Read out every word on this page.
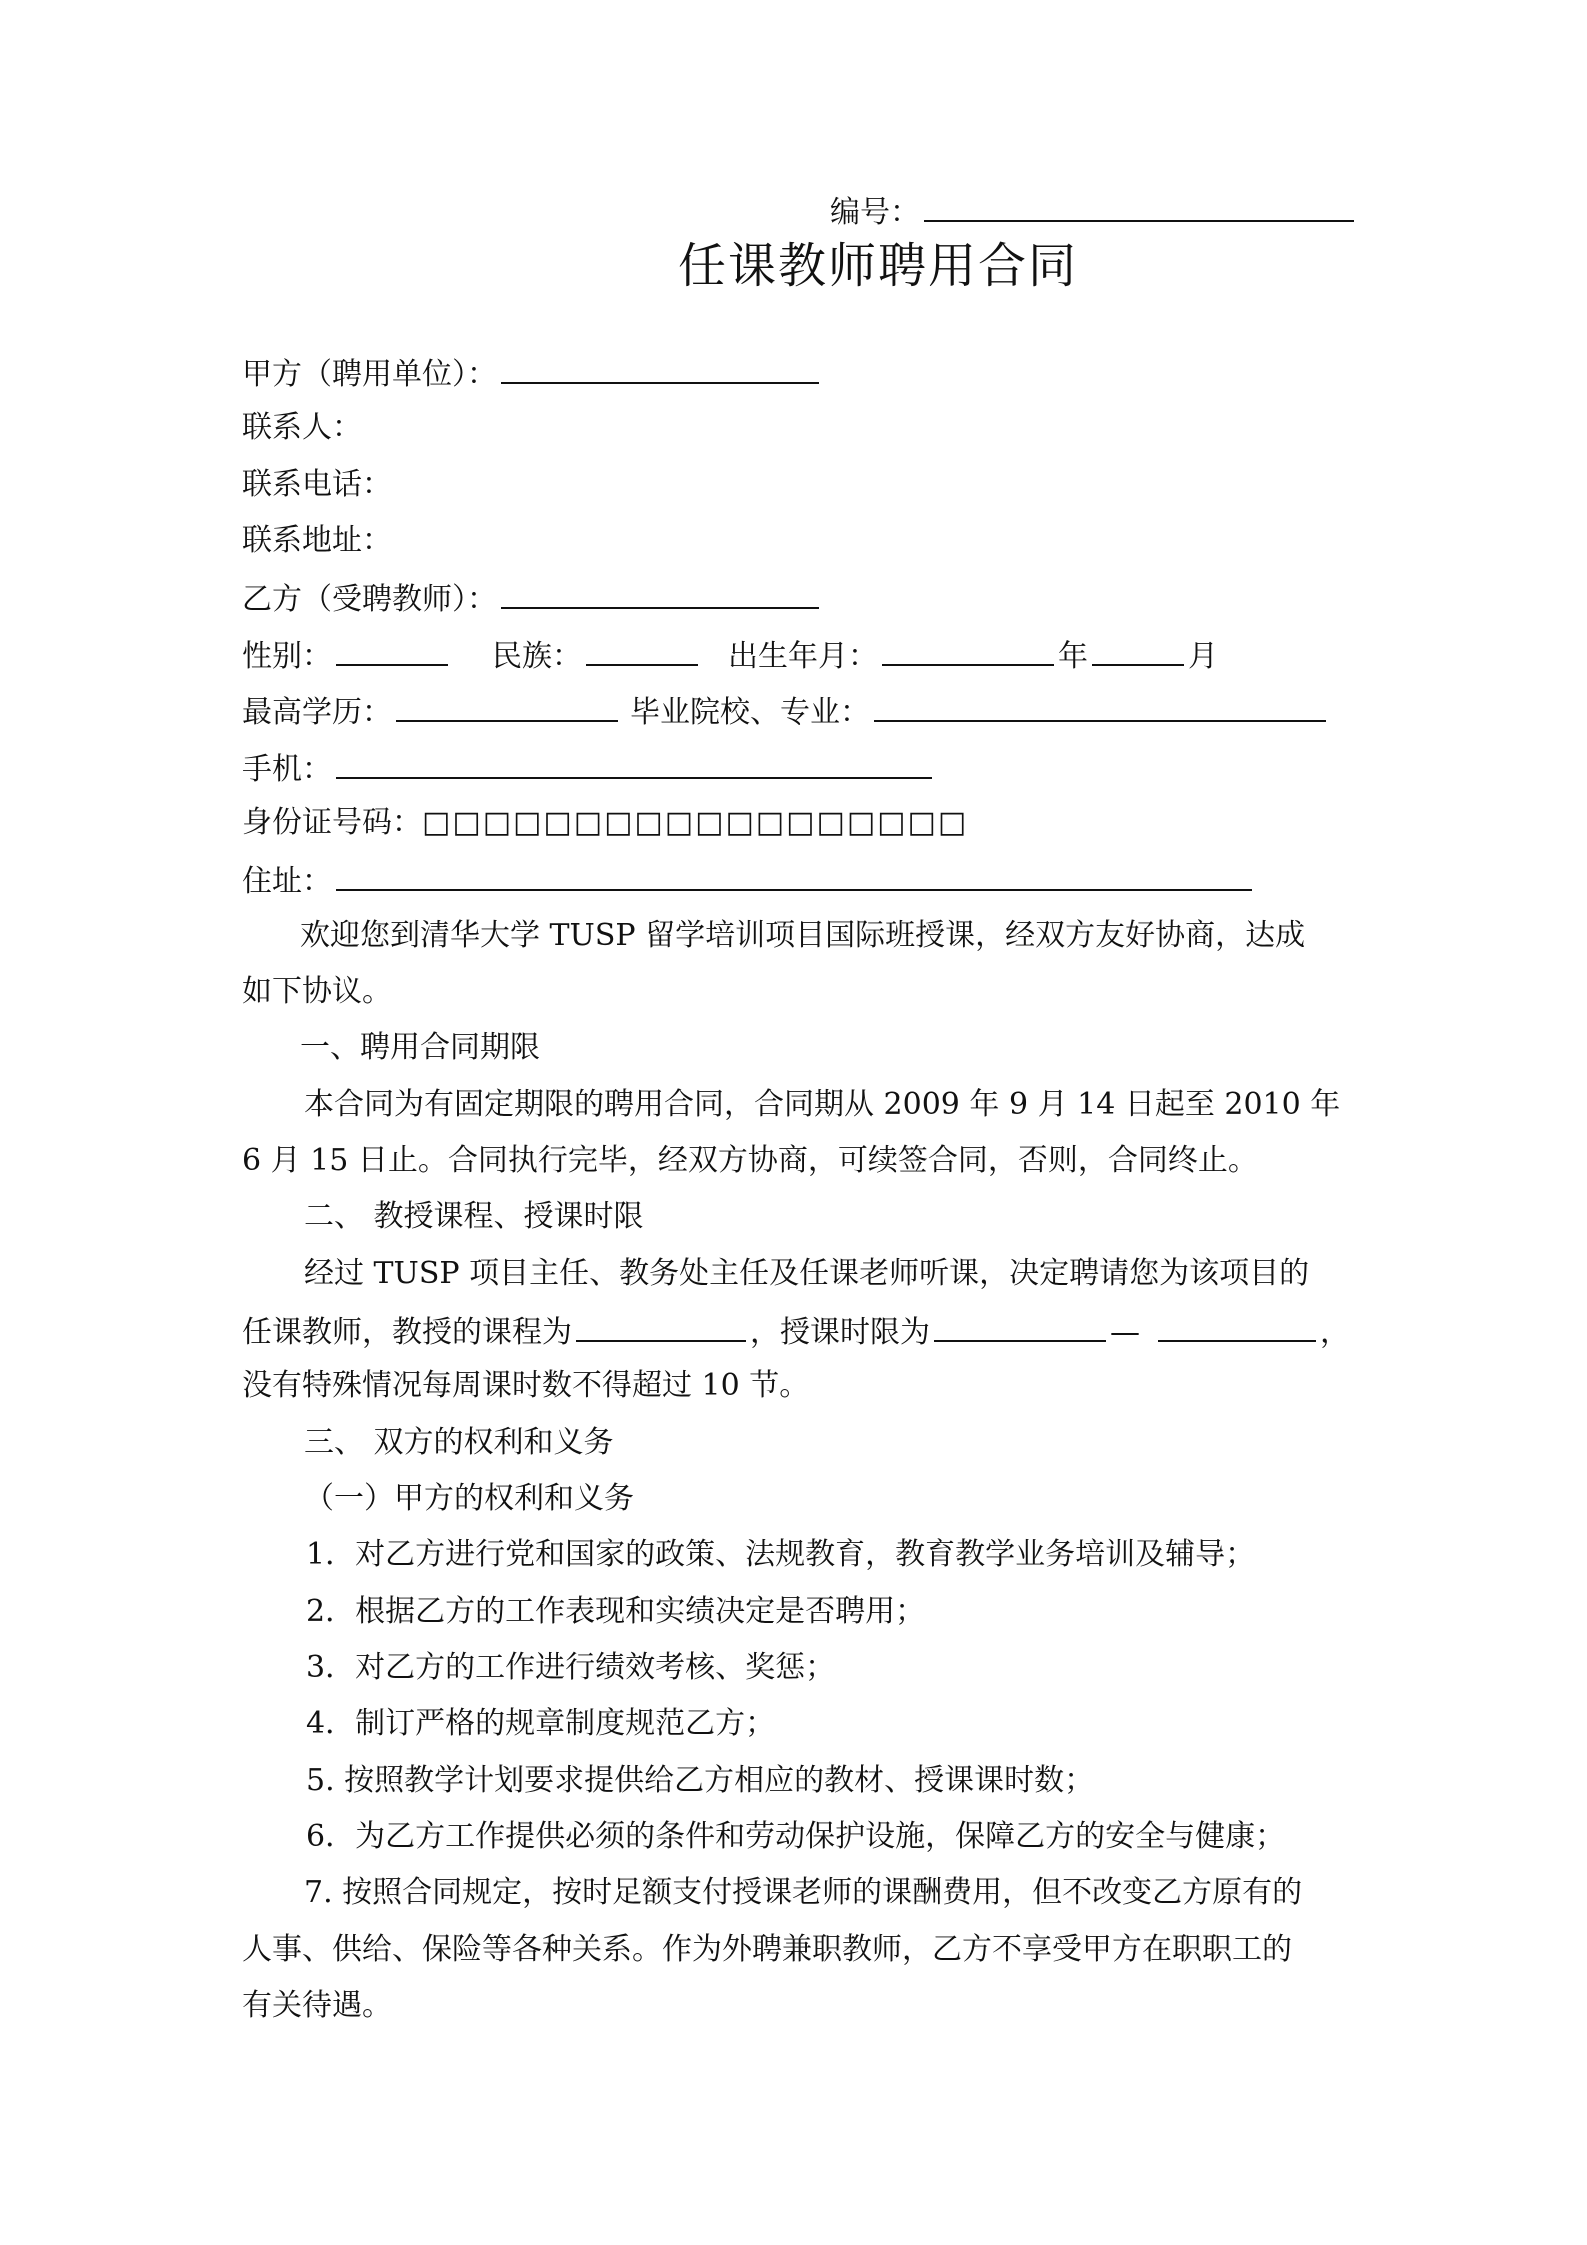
编号：
任课教师聘用合同
甲方（聘用单位）：
联系人：
联系电话：
联系地址：
乙方（受聘教师）：
性别：	民族：	出生年月：	年	月
最高学历：	毕业院校、专业：
手机：
身份证号码：□□□□□□□□□□□□□□□□□□
住址：
欢迎您到清华大学 TUSP 留学培训项目国际班授课，经双方友好协商，达成
如下协议。
一、聘用合同期限
本合同为有固定期限的聘用合同，合同期从 2009 年 9 月 14 日起至 2010 年
6 月 15 日止。合同执行完毕，经双方协商，可续签合同，否则，合同终止。
二、 教授课程、授课时限
经过 TUSP 项目主任、教务处主任及任课老师听课，决定聘请您为该项目的
任课教师，教授的课程为	，授课时限为	—	，
没有特殊情况每周课时数不得超过 10 节。
三、 双方的权利和义务
（一）甲方的权利和义务
1．对乙方进行党和国家的政策、法规教育，教育教学业务培训及辅导；
2．根据乙方的工作表现和实绩决定是否聘用；
3．对乙方的工作进行绩效考核、奖惩；
4．制订严格的规章制度规范乙方；
5. 按照教学计划要求提供给乙方相应的教材、授课课时数；
6．为乙方工作提供必须的条件和劳动保护设施，保障乙方的安全与健康；
7. 按照合同规定，按时足额支付授课老师的课酬费用，但不改变乙方原有的
人事、供给、保险等各种关系。作为外聘兼职教师，乙方不享受甲方在职职工的
有关待遇。
